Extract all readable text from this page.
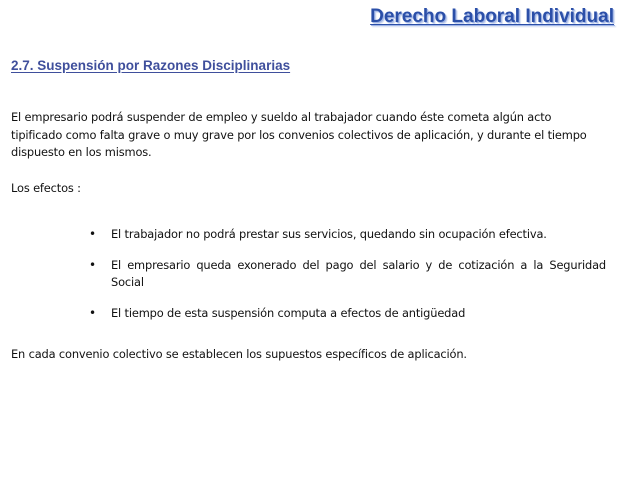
Derecho Laboral Individual
2.7. Suspensión por Razones Disciplinarias
El empresario podrá suspender de empleo y sueldo al trabajador cuando éste cometa algún acto tipificado como falta grave o muy grave por los convenios colectivos de aplicación, y durante el tiempo dispuesto en los mismos.
Los efectos :
• El trabajador no podrá prestar sus servicios, quedando sin ocupación efectiva.
• El empresario queda exonerado del pago del salario y de cotización a la Seguridad Social
• El tiempo de esta suspensión computa a efectos de antigüedad
En cada convenio colectivo se establecen los supuestos específicos de aplicación.
